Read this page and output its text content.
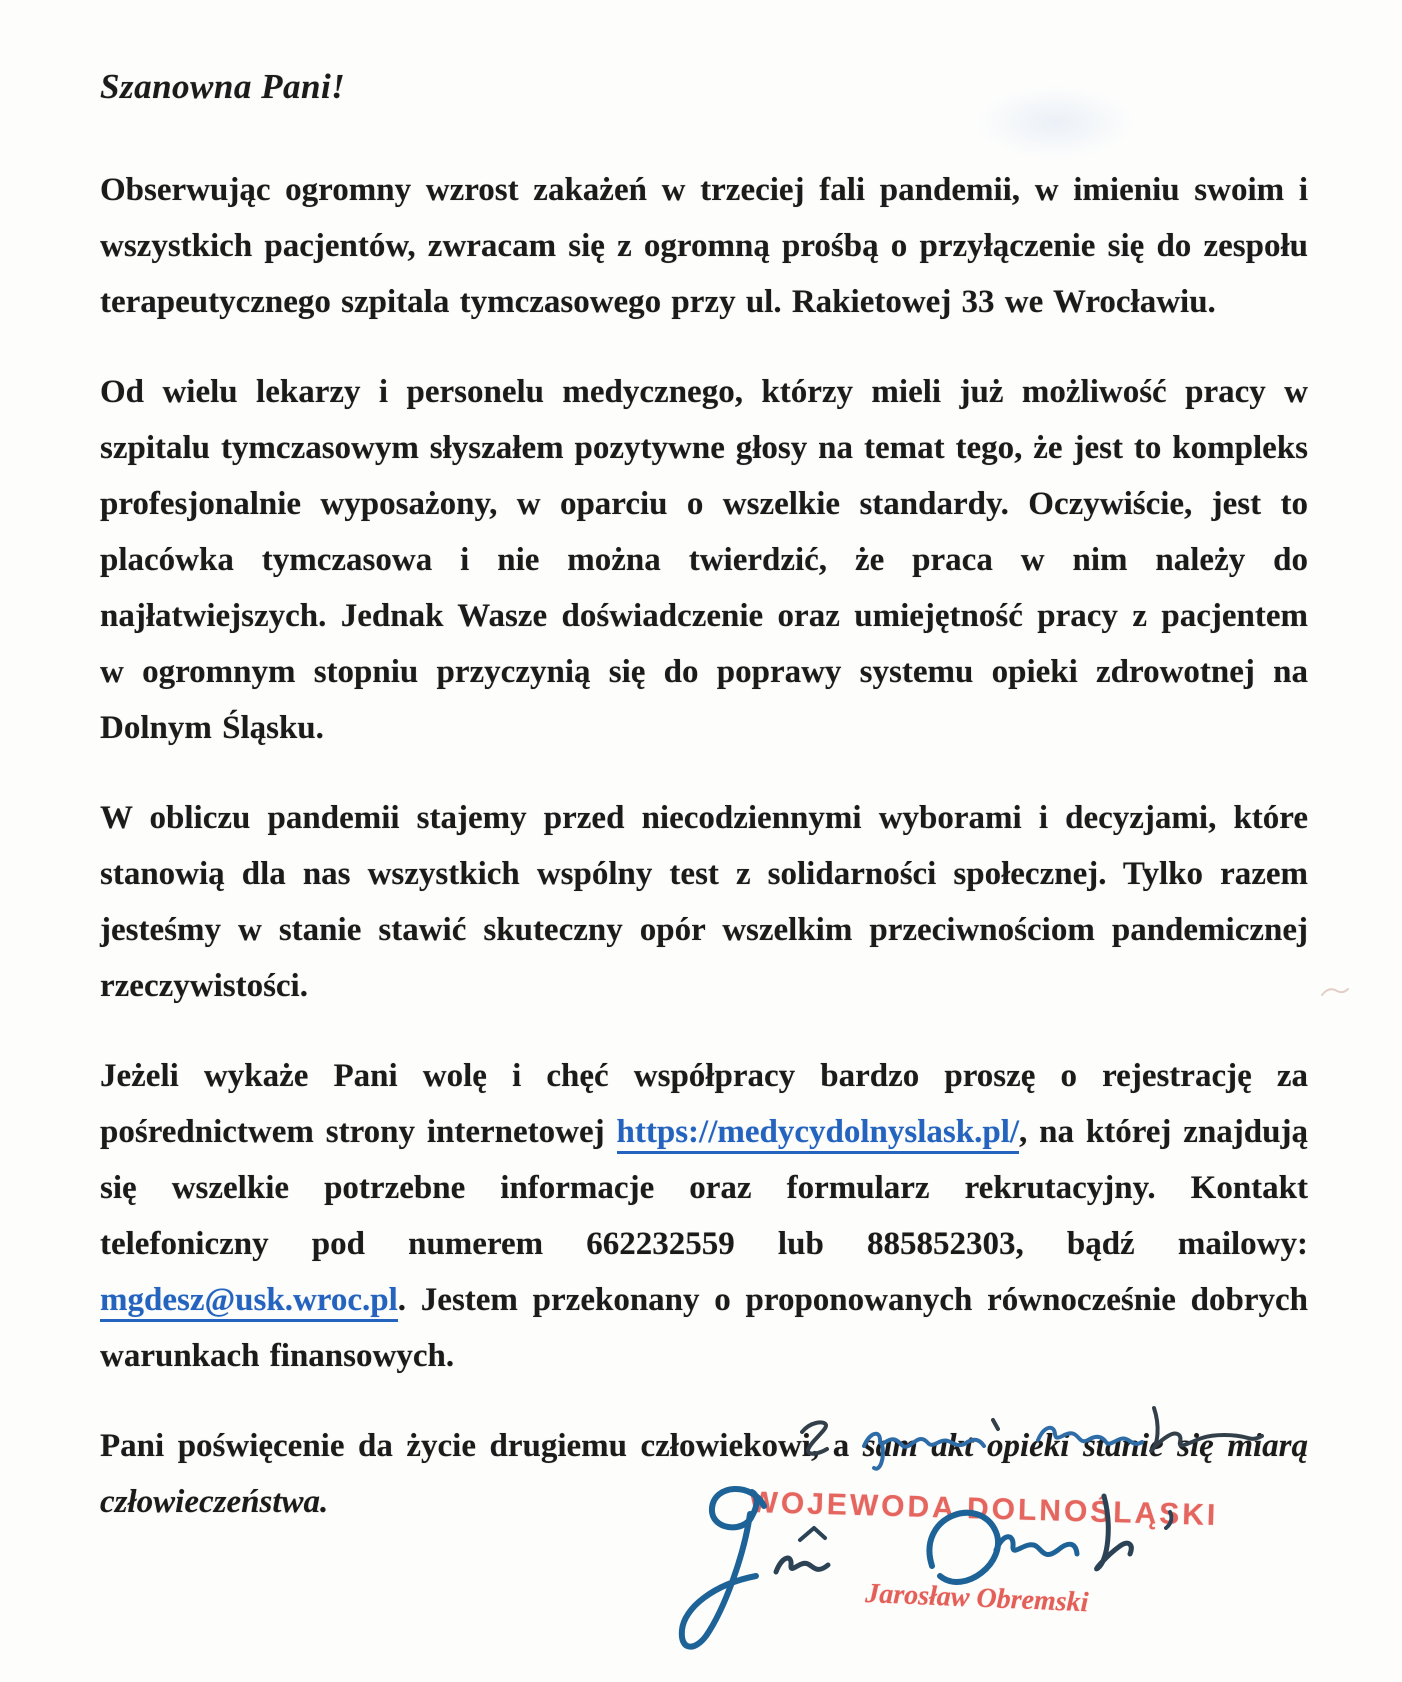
Szanowna Pani!

Obserwując ogromny wzrost zakażeń w trzeciej fali pandemii, w imieniu swoim i wszystkich pacjentów, zwracam się z ogromną prośbą o przyłączenie się do zespołu terapeutycznego szpitala tymczasowego przy ul. Rakietowej 33 we Wrocławiu.

Od wielu lekarzy i personelu medycznego, którzy mieli już możliwość pracy w szpitalu tymczasowym słyszałem pozytywne głosy na temat tego, że jest to kompleks profesjonalnie wyposażony, w oparciu o wszelkie standardy. Oczywiście, jest to placówka tymczasowa i nie można twierdzić, że praca w nim należy do najłatwiejszych. Jednak Wasze doświadczenie oraz umiejętność pracy z pacjentem w ogromnym stopniu przyczynią się do poprawy systemu opieki zdrowotnej na Dolnym Śląsku.

W obliczu pandemii stajemy przed niecodziennymi wyborami i decyzjami, które stanowią dla nas wszystkich wspólny test z solidarności społecznej. Tylko razem jesteśmy w stanie stawić skuteczny opór wszelkim przeciwnościom pandemicznej rzeczywistości.

Jeżeli wykaże Pani wolę i chęć współpracy bardzo proszę o rejestrację za pośrednictwem strony internetowej https://medycydolnyslask.pl/, na której znajdują się wszelkie potrzebne informacje oraz formularz rekrutacyjny. Kontakt telefoniczny pod numerem 662232559 lub 885852303, bądź mailowy: mgdesz@usk.wroc.pl. Jestem przekonany o proponowanych równocześnie dobrych warunkach finansowych.

Pani poświęcenie da życie drugiemu człowiekowi, a sam akt opieki stanie się miarą człowieczeństwa.	WOJEWODA DOLNOŚLĄSKI
Jarosław Obremski
